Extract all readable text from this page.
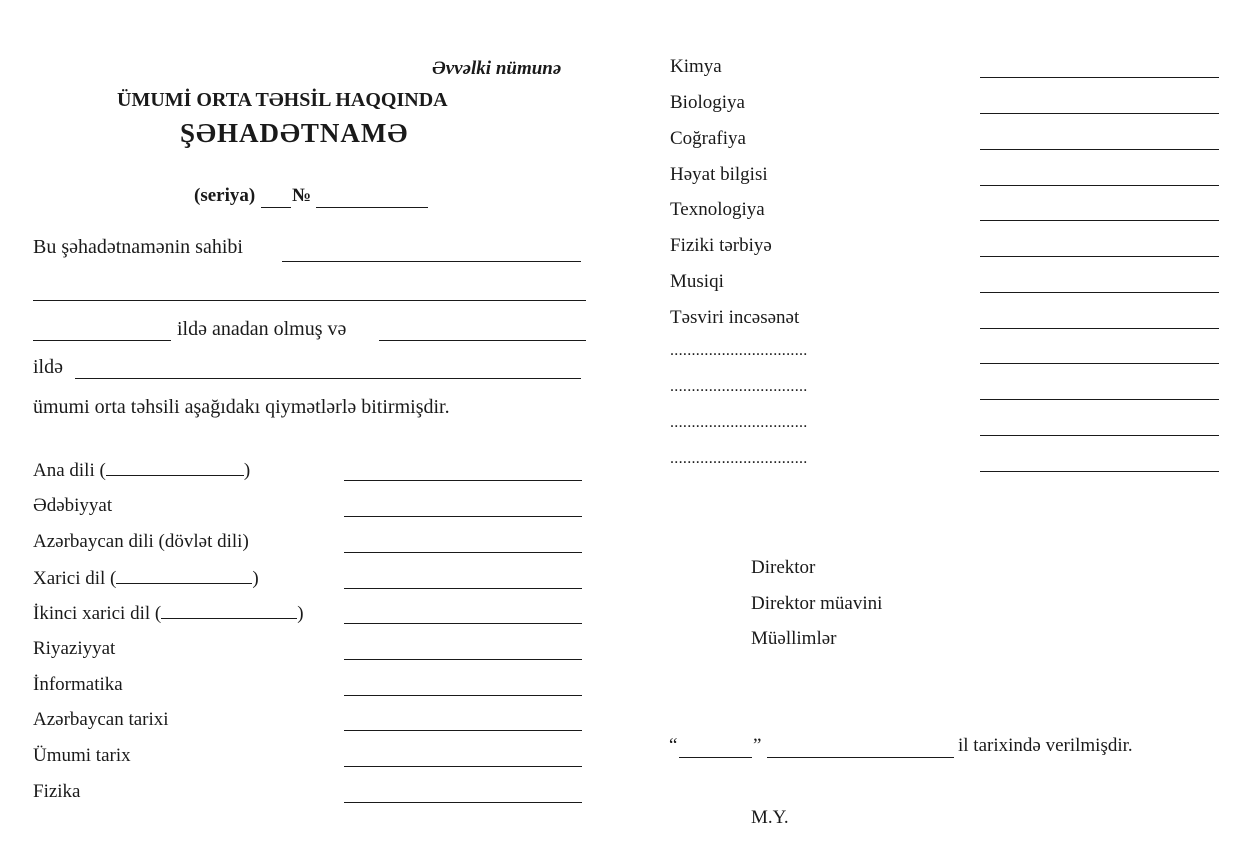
Əvvəlki nümunə
ÜMUMİ ORTA TƏHSİL HAQQINDA
ŞƏHADƏTNAMƏ
(seriya) №
Bu şəhadətnamənin sahibi
ildə anadan olmuş və
ildə
ümumi orta təhsili aşağıdakı qiymətlərlə bitirmişdir.
Ana dili (	)
Ədəbiyyat
Azərbaycan dili (dövlət dili)
Xarici dil (	)
İkinci xarici dil (	)
Riyaziyyat
İnformatika
Azərbaycan tarixi
Ümumi tarix
Fizika
Kimya
Biologiya
Coğrafiya
Həyat bilgisi
Texnologiya
Fiziki tərbiyə
Musiqi
Təsviri incəsənət
................................
................................
................................
................................
Direktor
Direktor müavini
Müəllimlər
“	”	il tarixində verilmişdir.
M.Y.
